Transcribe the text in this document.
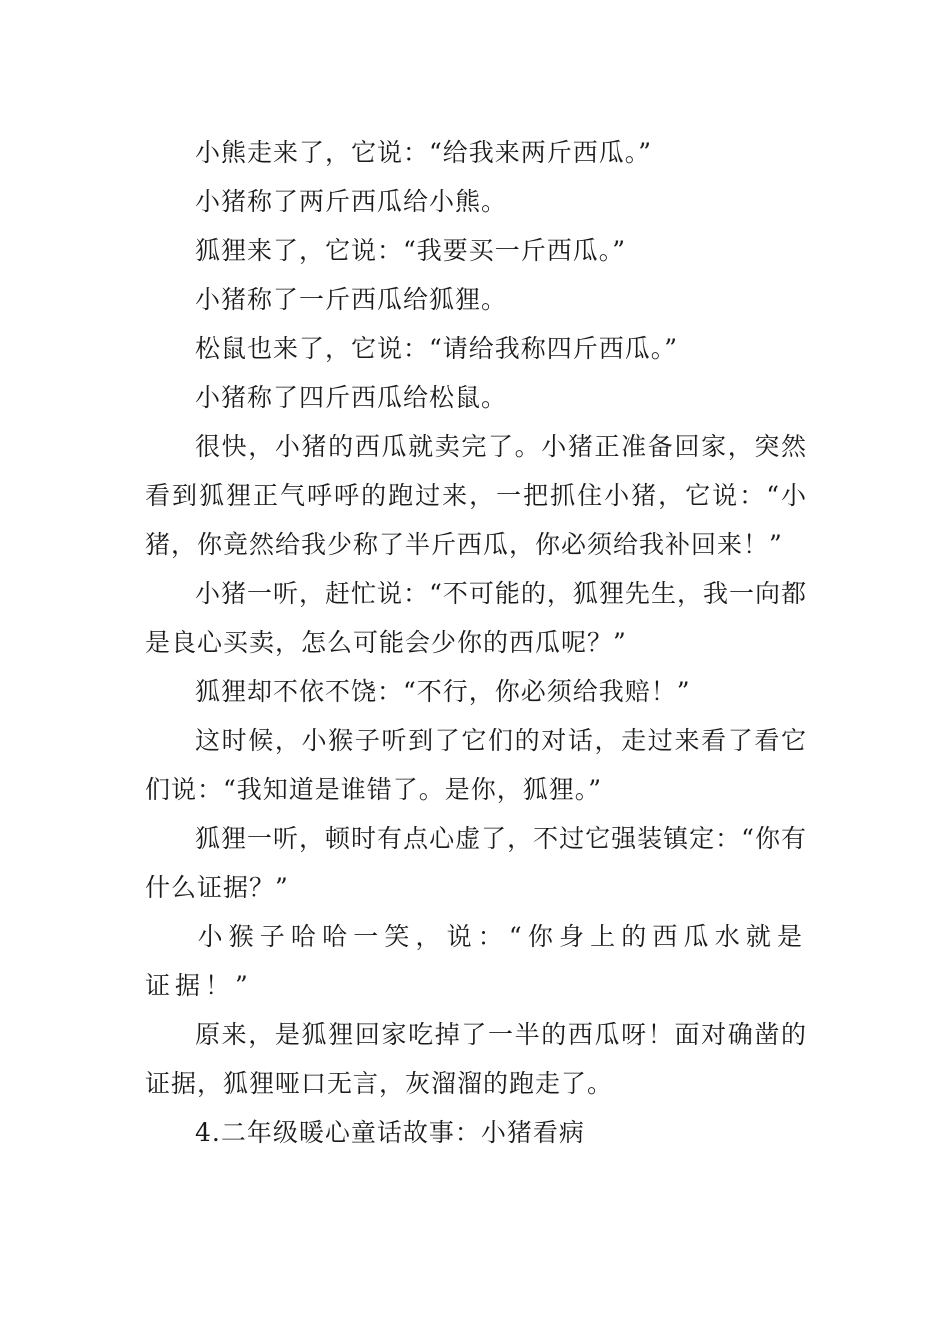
小熊走来了，它说：“给我来两斤西瓜。”

小猪称了两斤西瓜给小熊。

狐狸来了，它说：“我要买一斤西瓜。”

小猪称了一斤西瓜给狐狸。

松鼠也来了，它说：“请给我称四斤西瓜。”

小猪称了四斤西瓜给松鼠。

很快，小猪的西瓜就卖完了。小猪正准备回家，突然看到狐狸正气呼呼的跑过来，一把抓住小猪，它说：“小猪，你竟然给我少称了半斤西瓜，你必须给我补回来！”

小猪一听，赶忙说：“不可能的，狐狸先生，我一向都是良心买卖，怎么可能会少你的西瓜呢？”

狐狸却不依不饶：“不行，你必须给我赔！”

这时候，小猴子听到了它们的对话，走过来看了看它们说：“我知道是谁错了。是你，狐狸。”

狐狸一听，顿时有点心虚了，不过它强装镇定：“你有什么证据？”

小猴子哈哈一笑，说：“你身上的西瓜水就是证据！”

原来，是狐狸回家吃掉了一半的西瓜呀！面对确凿的证据，狐狸哑口无言，灰溜溜的跑走了。

4.二年级暖心童话故事：小猪看病
